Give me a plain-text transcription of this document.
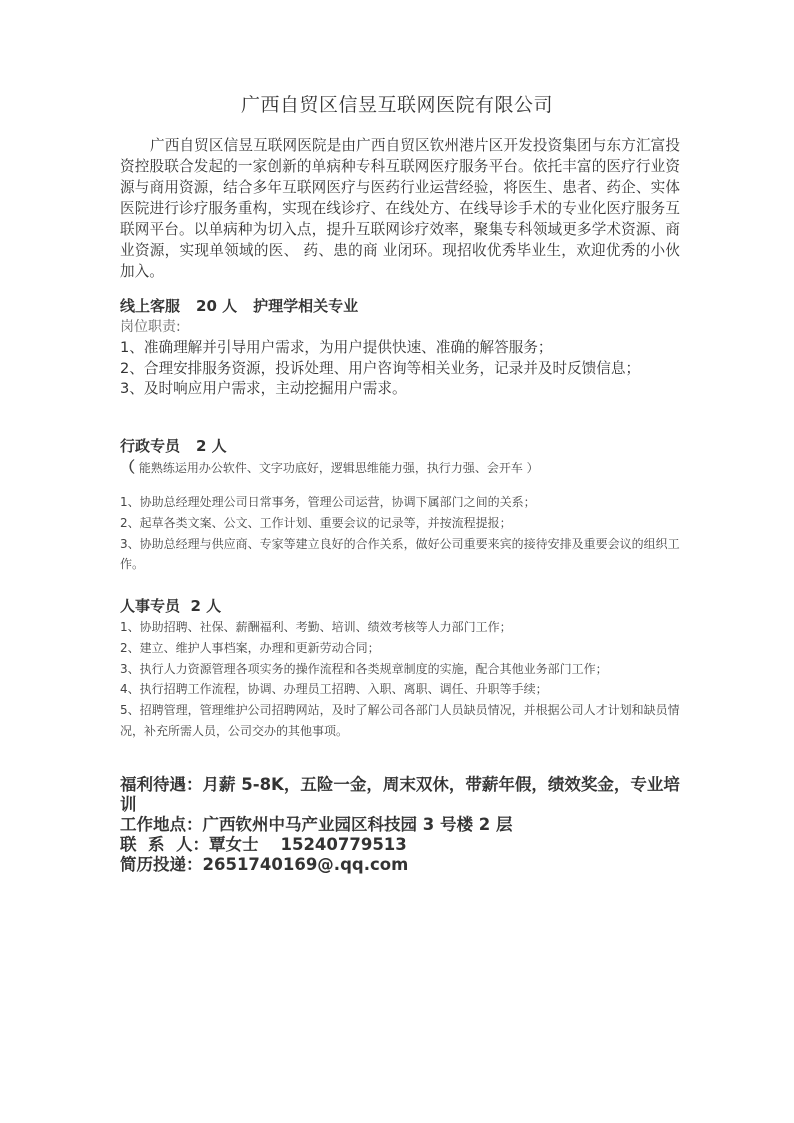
广西自贸区信昱互联网医院有限公司
广西自贸区信昱互联网医院是由广西自贸区钦州港片区开发投资集团与东方汇富投资控股联合发起的一家创新的单病种专科互联网医疗服务平台。依托丰富的医疗行业资源与商用资源，结合多年互联网医疗与医药行业运营经验，将医生、患者、药企、实体医院进行诊疗服务重构，实现在线诊疗、在线处方、在线导诊手术的专业化医疗服务互联网平台。以单病种为切入点，提升互联网诊疗效率，聚集专科领域更多学术资源、商业资源，实现单领域的医、 药、患的商 业闭环。现招收优秀毕业生，欢迎优秀的小伙加入。
线上客服 20 人 护理学相关专业
岗位职责:
1、准确理解并引导用户需求，为用户提供快速、准确的解答服务；
2、合理安排服务资源，投诉处理、用户咨询等相关业务，记录并及时反馈信息；
3、及时响应用户需求，主动挖掘用户需求。
行政专员 2 人
（ 能熟练运用办公软件、文字功底好，逻辑思维能力强，执行力强、会开车 ）
1、协助总经理处理公司日常事务，管理公司运营，协调下属部门之间的关系；
2、起草各类文案、公文、工作计划、重要会议的记录等，并按流程提报；
3、协助总经理与供应商、专家等建立良好的合作关系，做好公司重要来宾的接待安排及重要会议的组织工作。
人事专员 2 人
1、协助招聘、社保、薪酬福利、考勤、培训、绩效考核等人力部门工作；
2、建立、维护人事档案，办理和更新劳动合同；
3、执行人力资源管理各项实务的操作流程和各类规章制度的实施，配合其他业务部门工作；
4、执行招聘工作流程，协调、办理员工招聘、入职、离职、调任、升职等手续；
5、招聘管理，管理维护公司招聘网站，及时了解公司各部门人员缺员情况，并根据公司人才计划和缺员情况，补充所需人员，公司交办的其他事项。
福利待遇：月薪 5-8K，五险一金，周末双休，带薪年假，绩效奖金，专业培训
工作地点：广西钦州中马产业园区科技园 3 号楼 2 层
联  系  人：覃女士 15240779513
简历投递：2651740169@.qq.com
